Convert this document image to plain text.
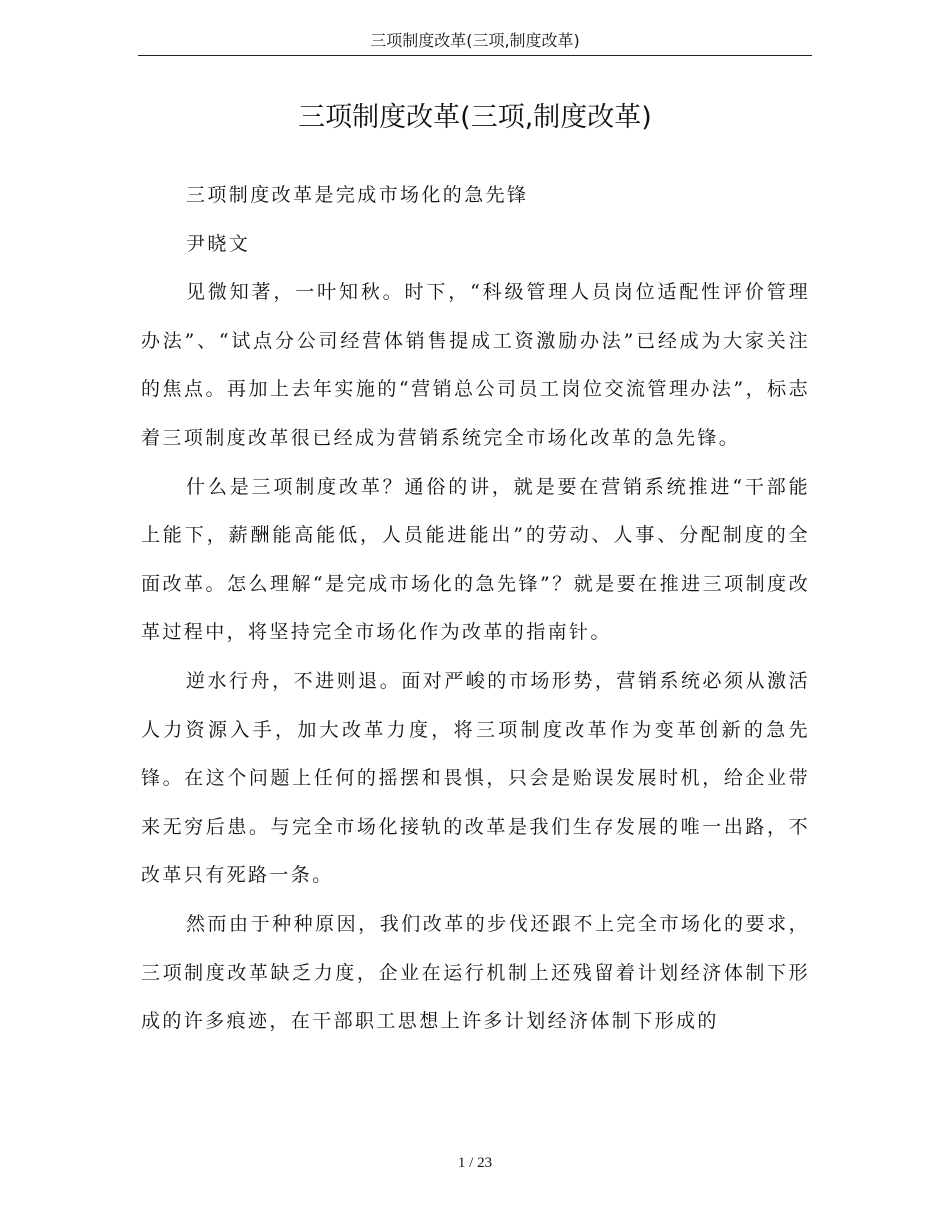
三项制度改革(三项,制度改革)
三项制度改革(三项,制度改革)

三项制度改革是完成市场化的急先锋

尹晓文

见微知著，一叶知秋。时下，“科级管理人员岗位适配性评价管理办法”、“试点分公司经营体销售提成工资激励办法”已经成为大家关注的焦点。再加上去年实施的“营销总公司员工岗位交流管理办法”，标志着三项制度改革很已经成为营销系统完全市场化改革的急先锋。

什么是三项制度改革？通俗的讲，就是要在营销系统推进“干部能上能下，薪酬能高能低，人员能进能出”的劳动、人事、分配制度的全面改革。怎么理解“是完成市场化的急先锋”？就是要在推进三项制度改革过程中，将坚持完全市场化作为改革的指南针。

逆水行舟，不进则退。面对严峻的市场形势，营销系统必须从激活人力资源入手，加大改革力度，将三项制度改革作为变革创新的急先锋。在这个问题上任何的摇摆和畏惧，只会是贻误发展时机，给企业带来无穷后患。与完全市场化接轨的改革是我们生存发展的唯一出路，不改革只有死路一条。

然而由于种种原因，我们改革的步伐还跟不上完全市场化的要求，三项制度改革缺乏力度，企业在运行机制上还残留着计划经济体制下形成的许多痕迹，在干部职工思想上许多计划经济体制下形成的

1 / 23
